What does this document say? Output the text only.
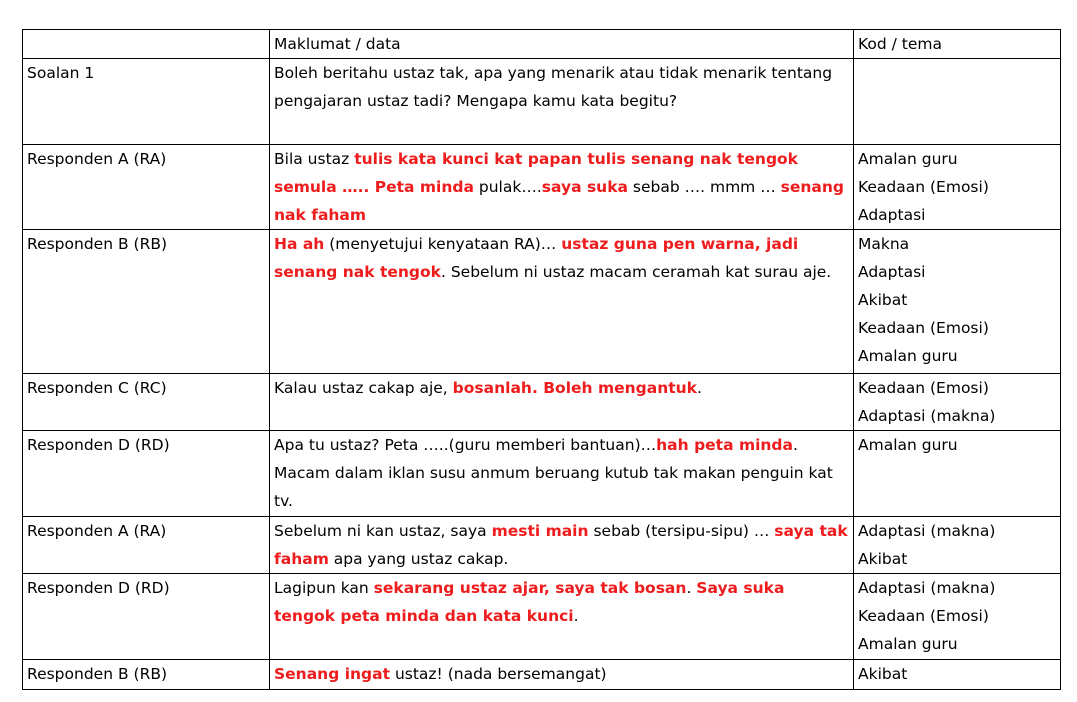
	Maklumat / data	Kod / tema
Soalan 1	Boleh beritahu ustaz tak, apa yang menarik atau tidak menarik tentang pengajaran ustaz tadi? Mengapa kamu kata begitu?	
Responden A (RA)	Bila ustaz tulis kata kunci kat papan tulis senang nak tengok semula ….. Peta minda pulak….saya suka sebab …. mmm … senang nak faham	Amalan guru
Keadaan (Emosi)
Adaptasi

Responden B (RB)	Ha ah (menyetujui kenyataan RA)… ustaz guna pen warna, jadi senang nak tengok. Sebelum ni ustaz macam ceramah kat surau aje.	Makna
Adaptasi
Akibat
Keadaan (Emosi)
Amalan guru

Responden C (RC)	Kalau ustaz cakap aje, bosanlah. Boleh mengantuk.	Keadaan (Emosi)
Adaptasi (makna)

Responden D (RD)	Apa tu ustaz? Peta …..(guru memberi bantuan)…hah peta minda. Macam dalam iklan susu anmum beruang kutub tak makan penguin kat tv.	Amalan guru

Responden A (RA)	Sebelum ni kan ustaz, saya mesti main sebab (tersipu-sipu) … saya tak faham apa yang ustaz cakap.	Adaptasi (makna)
Akibat

Responden D (RD)	Lagipun kan sekarang ustaz ajar, saya tak bosan. Saya suka tengok peta minda dan kata kunci.	Adaptasi (makna)
Keadaan (Emosi)
Amalan guru

Responden B (RB)	Senang ingat ustaz! (nada bersemangat)	Akibat
